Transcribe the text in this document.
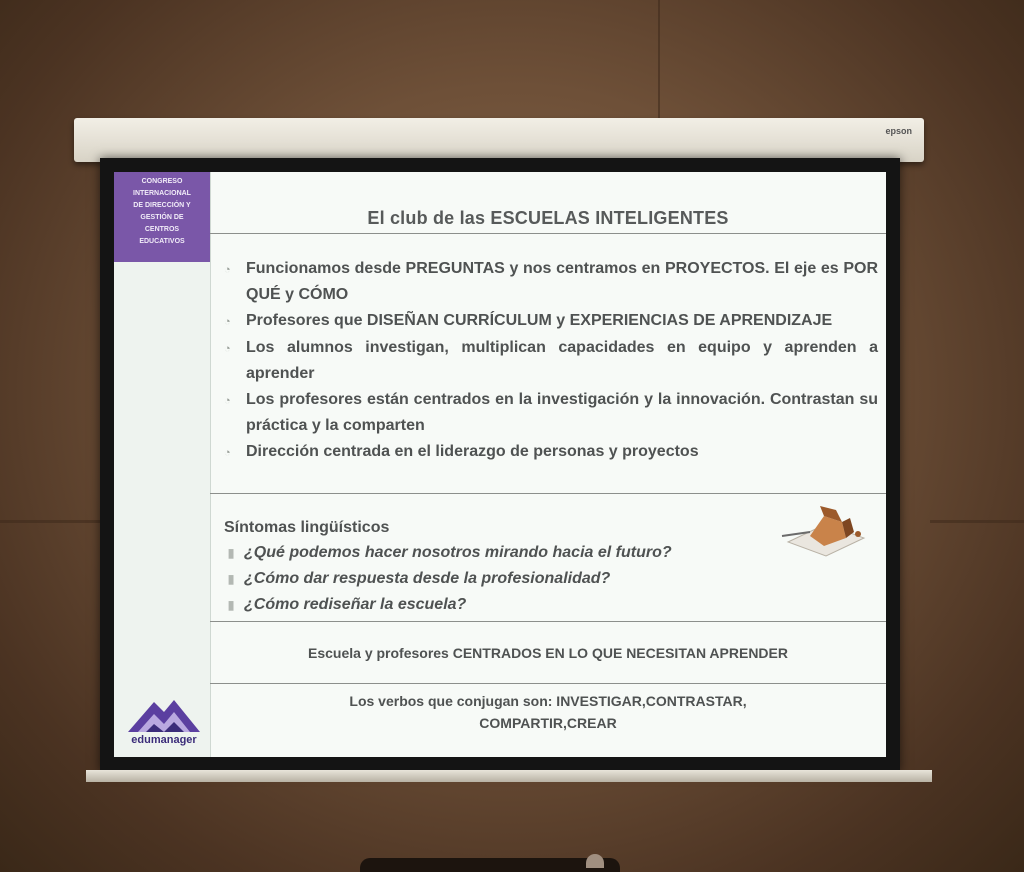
epson
CONGRESO
INTERNACIONAL
DE DIRECCIÓN Y
GESTIÓN DE
CENTROS
EDUCATIVOS
edumanager
El club de las ESCUELAS INTELIGENTES
◔ Funcionamos desde PREGUNTAS y nos centramos en PROYECTOS. El eje es POR QUÉ y CÓMO
◔ Profesores que DISEÑAN CURRÍCULUM y EXPERIENCIAS DE APRENDIZAJE
◔ Los alumnos investigan, multiplican capacidades en equipo y aprenden a aprender
◔ Los profesores están centrados en la investigación y la innovación. Contrastan su práctica y la comparten
◔ Dirección centrada en el liderazgo de personas y proyectos
Síntomas lingüísticos
▮ ¿Qué podemos hacer nosotros mirando hacia el futuro?
▮ ¿Cómo dar respuesta desde la profesionalidad?
▮ ¿Cómo rediseñar la escuela?
Escuela y profesores CENTRADOS EN LO QUE NECESITAN APRENDER
Los verbos que conjugan son: INVESTIGAR,CONTRASTAR,
COMPARTIR,CREAR
